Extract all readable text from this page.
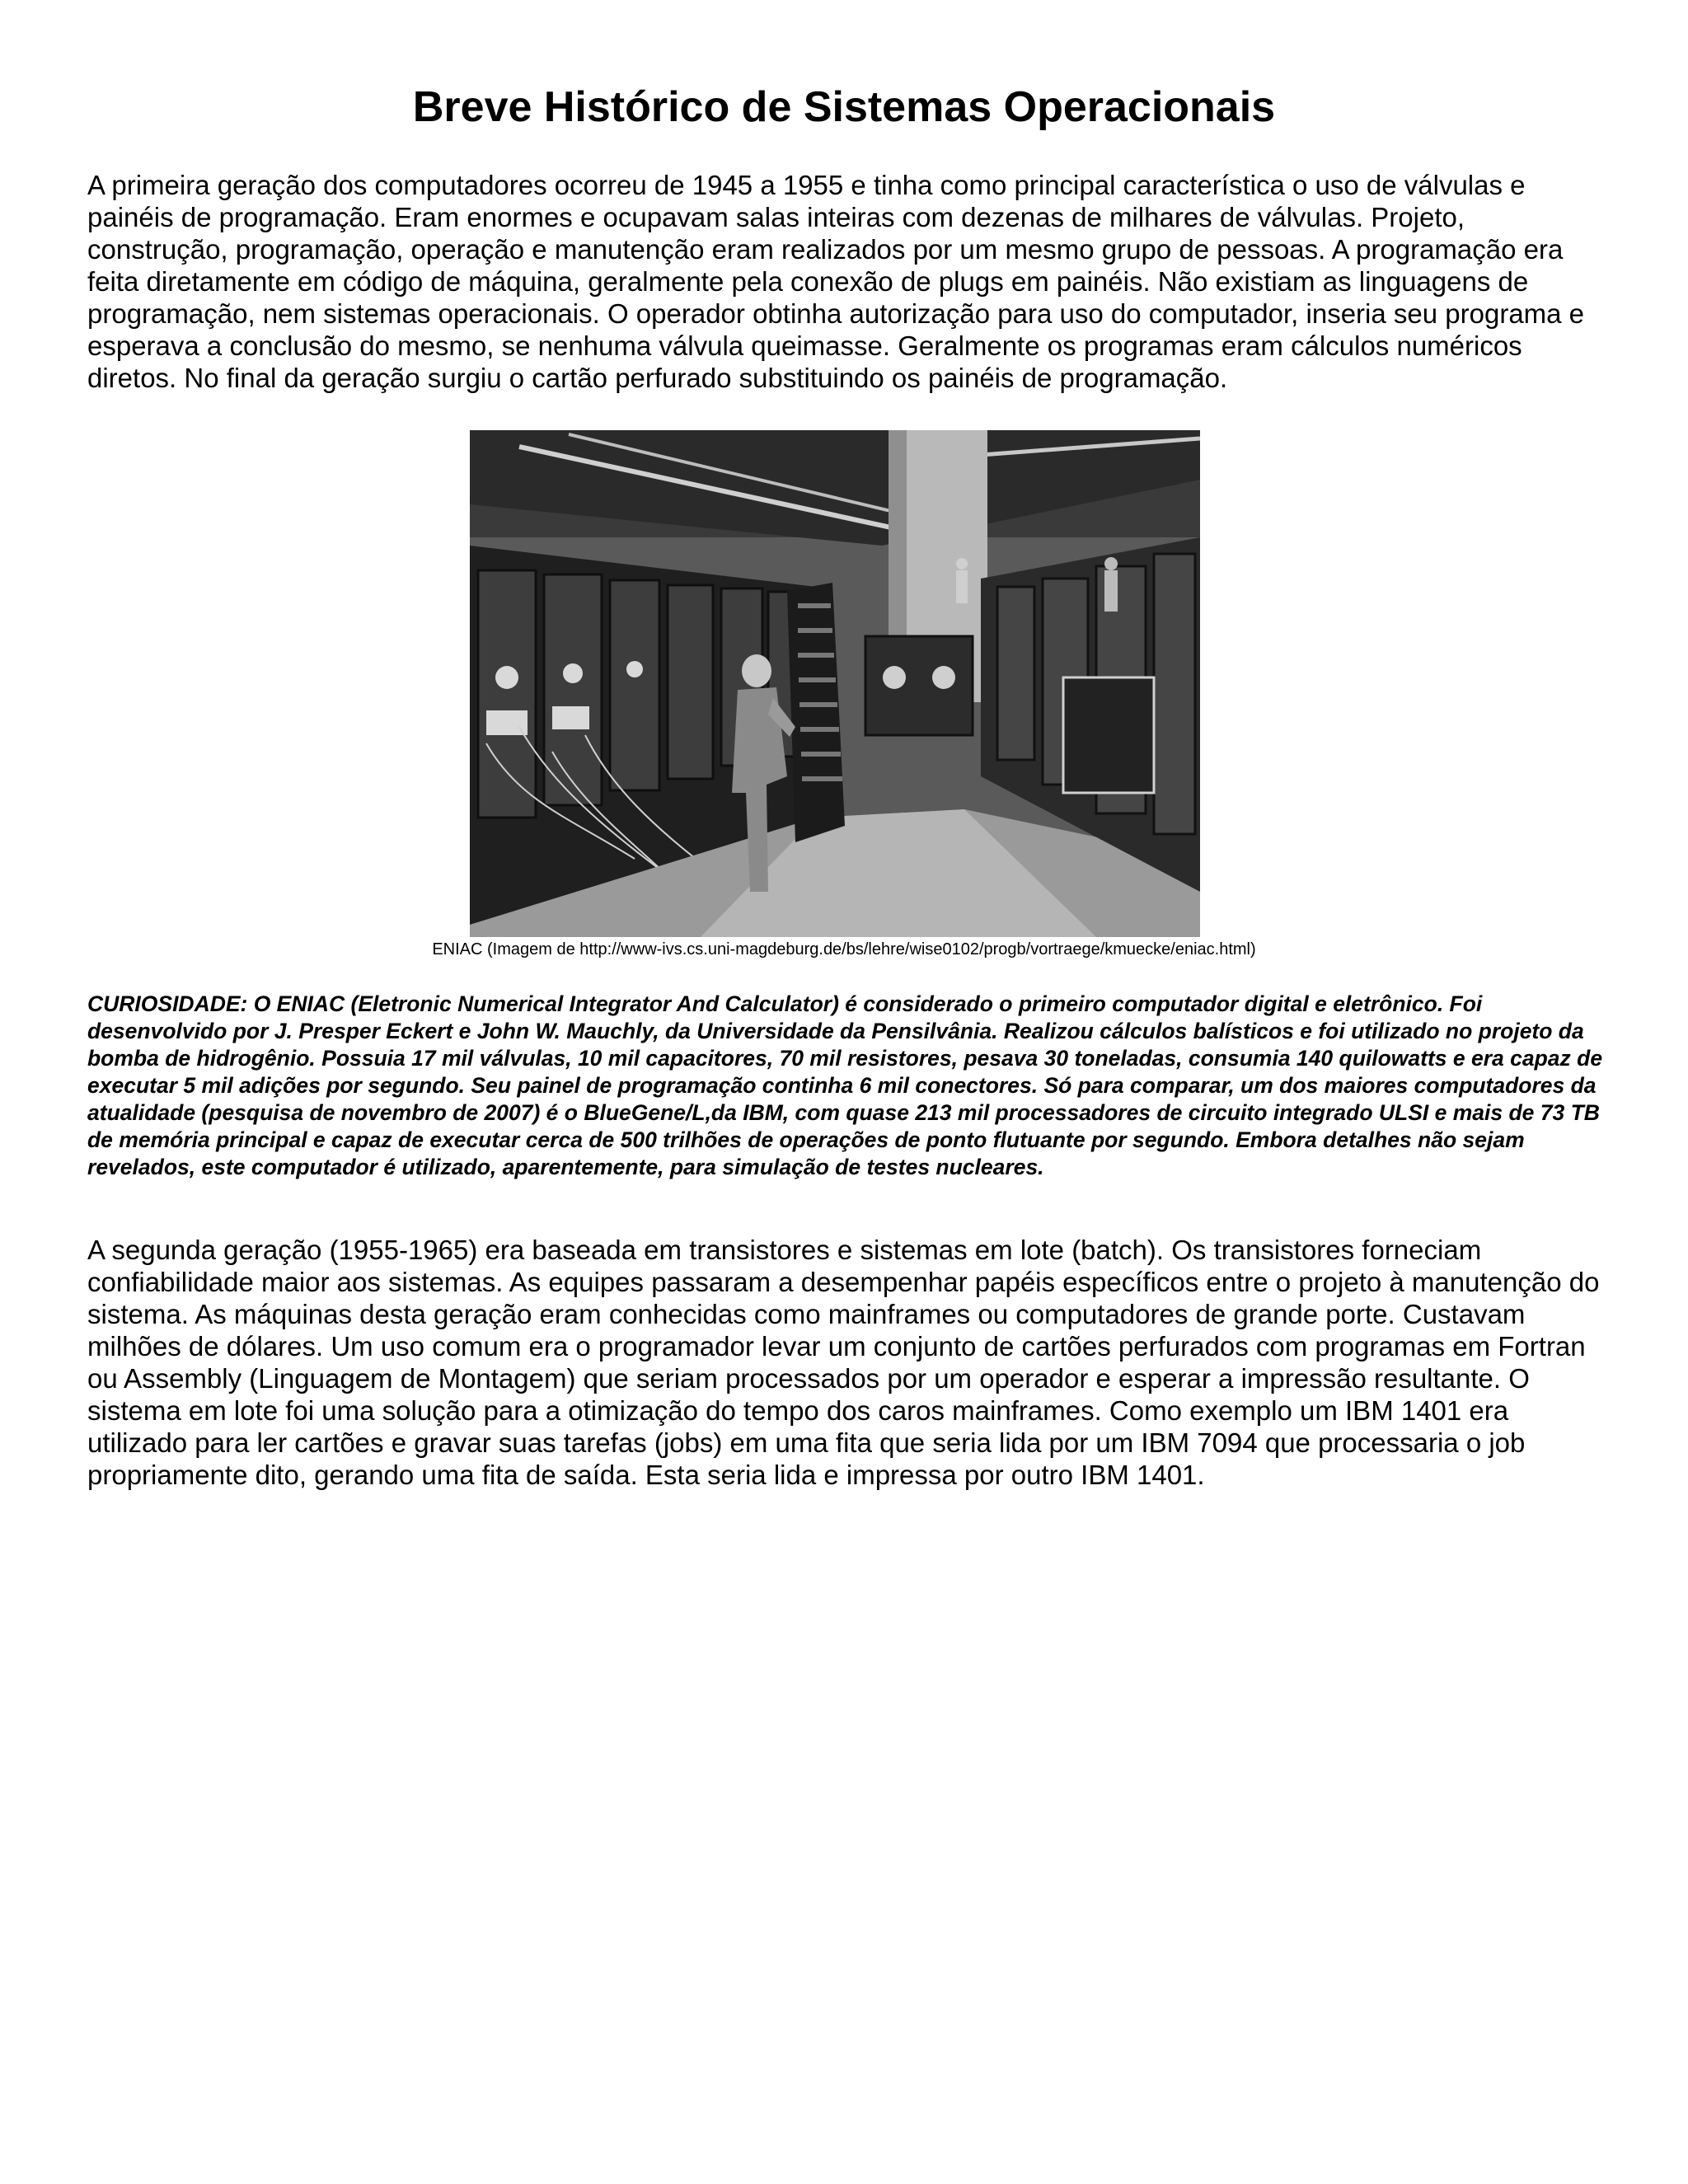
Breve Histórico de Sistemas Operacionais

A primeira geração dos computadores ocorreu de 1945 a 1955 e tinha como principal característica o uso de válvulas e painéis de programação. Eram enormes e ocupavam salas inteiras com dezenas de milhares de válvulas. Projeto, construção, programação, operação e manutenção eram realizados por um mesmo grupo de pessoas. A programação era feita diretamente em código de máquina, geralmente pela conexão de plugs em painéis. Não existiam as linguagens de programação, nem sistemas operacionais. O operador obtinha autorização para uso do computador, inseria seu programa e esperava a conclusão do mesmo, se nenhuma válvula queimasse. Geralmente os programas eram cálculos numéricos diretos. No final da geração surgiu o cartão perfurado substituindo os painéis de programação.

ENIAC (Imagem de http://www-ivs.cs.uni-magdeburg.de/bs/lehre/wise0102/progb/vortraege/kmuecke/eniac.html)

CURIOSIDADE: O ENIAC (Eletronic Numerical Integrator And Calculator) é considerado o primeiro computador digital e eletrônico. Foi desenvolvido por J. Presper Eckert e John W. Mauchly, da Universidade da Pensilvânia. Realizou cálculos balísticos e foi utilizado no projeto da bomba de hidrogênio. Possuia 17 mil válvulas, 10 mil capacitores, 70 mil resistores, pesava 30 toneladas, consumia 140 quilowatts e era capaz de executar 5 mil adições por segundo. Seu painel de programação continha 6 mil conectores. Só para comparar, um dos maiores computadores da atualidade (pesquisa de novembro de 2007) é o BlueGene/L,da IBM, com quase 213 mil processadores de circuito integrado ULSI e mais de 73 TB de memória principal e capaz de executar cerca de 500 trilhões de operações de ponto flutuante por segundo. Embora detalhes não sejam revelados, este computador é utilizado, aparentemente, para simulação de testes nucleares.

A segunda geração (1955-1965) era baseada em transistores e sistemas em lote (batch). Os transistores forneciam confiabilidade maior aos sistemas. As equipes passaram a desempenhar papéis específicos entre o projeto à manutenção do sistema. As máquinas desta geração eram conhecidas como mainframes ou computadores de grande porte. Custavam milhões de dólares. Um uso comum era o programador levar um conjunto de cartões perfurados com programas em Fortran ou Assembly (Linguagem de Montagem) que seriam processados por um operador e esperar a impressão resultante. O sistema em lote foi uma solução para a otimização do tempo dos caros mainframes. Como exemplo um IBM 1401 era utilizado para ler cartões e gravar suas tarefas (jobs) em uma fita que seria lida por um IBM 7094 que processaria o job propriamente dito, gerando uma fita de saída. Esta seria lida e impressa por outro IBM 1401.
